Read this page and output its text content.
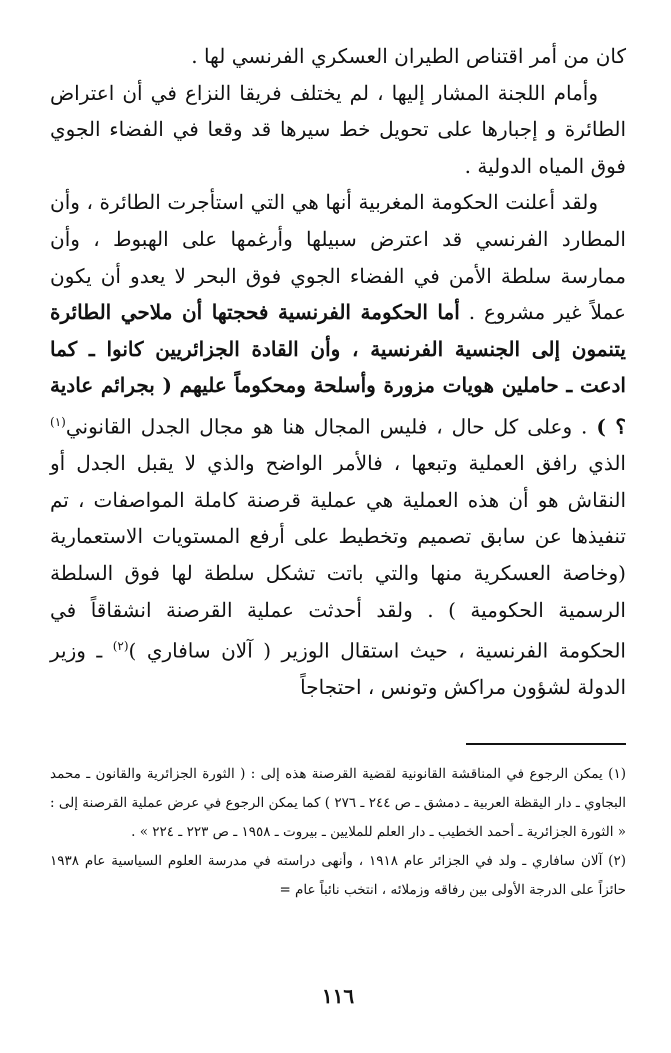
كان من أمر اقتناص الطيران العسكري الفرنسي لها .

وأمام اللجنة المشار إليها ، لم يختلف فريقا النزاع في أن اعتراض الطائرة و إجبارها على تحويل خط سيرها قد وقعا في الفضاء الجوي فوق المياه الدولية .

ولقد أعلنت الحكومة المغربية أنها هي التي استأجرت الطائرة ، وأن المطارد الفرنسي قد اعترض سبيلها وأرغمها على الهبوط ، وأن ممارسة سلطة الأمن في الفضاء الجوي فوق البحر لا يعدو أن يكون عملاً غير مشروع . أما الحكومة الفرنسية فحجتها أن ملاحي الطائرة يتنمون إلى الجنسية الفرنسية ، وأن القادة الجزائريين كانوا ـ كما ادعت ـ حاملين هويات مزورة وأسلحة ومحكوماً عليهم ( بجرائم عادية ؟ ) . وعلى كل حال ، فليس المجال هنا هو مجال الجدل القانوني$^{(١)}$ الذي رافق العملية وتبعها ، فالأمر الواضح والذي لا يقبل الجدل أو النقاش هو أن هذه العملية هي عملية قرصنة كاملة المواصفات ، تم تنفيذها عن سابق تصميم وتخطيط على أرفع المستويات الاستعمارية (وخاصة العسكرية منها والتي باتت تشكل سلطة لها فوق السلطة الرسمية الحكومية ) . ولقد أحدثت عملية القرصنة انشقاقاً في الحكومة الفرنسية ، حيث استقال الوزير ( آلان سافاري )$^{(٢)}$ ـ وزير الدولة لشؤون مراكش وتونس ، احتجاجاً

(١) يمكن الرجوع في المناقشة القانونية لقضية القرصنة هذه إلى : ( الثورة الجزائرية والقانون ـ محمد البجاوي ـ دار اليقظة العربية ـ دمشق ـ ص ٢٤٤ ـ ٢٧٦ ) كما يمكن الرجوع في عرض عملية القرصنة إلى : « الثورة الجزائرية ـ أحمد الخطيب ـ دار العلم للملايين ـ بيروت ـ ١٩٥٨ ـ ص ٢٢٣ ـ ٢٢٤ » .

(٢) آلان سافاري ـ ولد في الجزائر عام ١٩١٨ ، وأنهى دراسته في مدرسة العلوم السياسية عام ١٩٣٨ حائزاً على الدرجة الأولى بين رفاقه وزملائه ، انتخب نائباً عام =

١١٦
